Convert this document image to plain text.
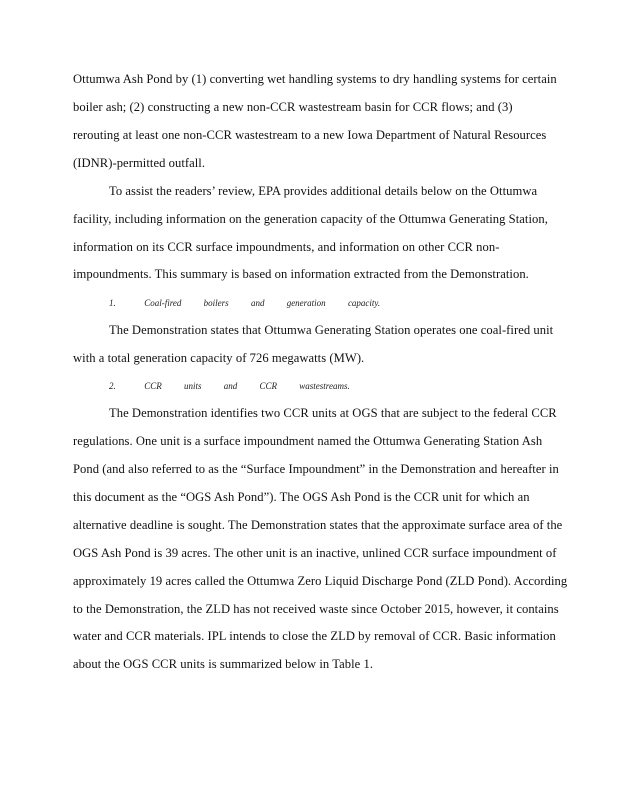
Ottumwa Ash Pond by (1) converting wet handling systems to dry handling systems for certain
boiler ash; (2) constructing a new non-CCR wastestream basin for CCR flows; and (3)
rerouting at least one non-CCR wastestream to a new Iowa Department of Natural Resources
(IDNR)-permitted outfall.
To assist the readers’ review, EPA provides additional details below on the Ottumwa
facility, including information on the generation capacity of the Ottumwa Generating Station,
information on its CCR surface impoundments, and information on other CCR non-
impoundments. This summary is based on information extracted from the Demonstration.
1.	Coal-fired boilers and generation capacity.
The Demonstration states that Ottumwa Generating Station operates one coal-fired unit
with a total generation capacity of 726 megawatts (MW).
2.	CCR units and CCR wastestreams.
The Demonstration identifies two CCR units at OGS that are subject to the federal CCR
regulations. One unit is a surface impoundment named the Ottumwa Generating Station Ash
Pond (and also referred to as the “Surface Impoundment” in the Demonstration and hereafter in
this document as the “OGS Ash Pond”). The OGS Ash Pond is the CCR unit for which an
alternative deadline is sought. The Demonstration states that the approximate surface area of the
OGS Ash Pond is 39 acres. The other unit is an inactive, unlined CCR surface impoundment of
approximately 19 acres called the Ottumwa Zero Liquid Discharge Pond (ZLD Pond). According
to the Demonstration, the ZLD has not received waste since October 2015, however, it contains
water and CCR materials. IPL intends to close the ZLD by removal of CCR. Basic information
about the OGS CCR units is summarized below in Table 1.
